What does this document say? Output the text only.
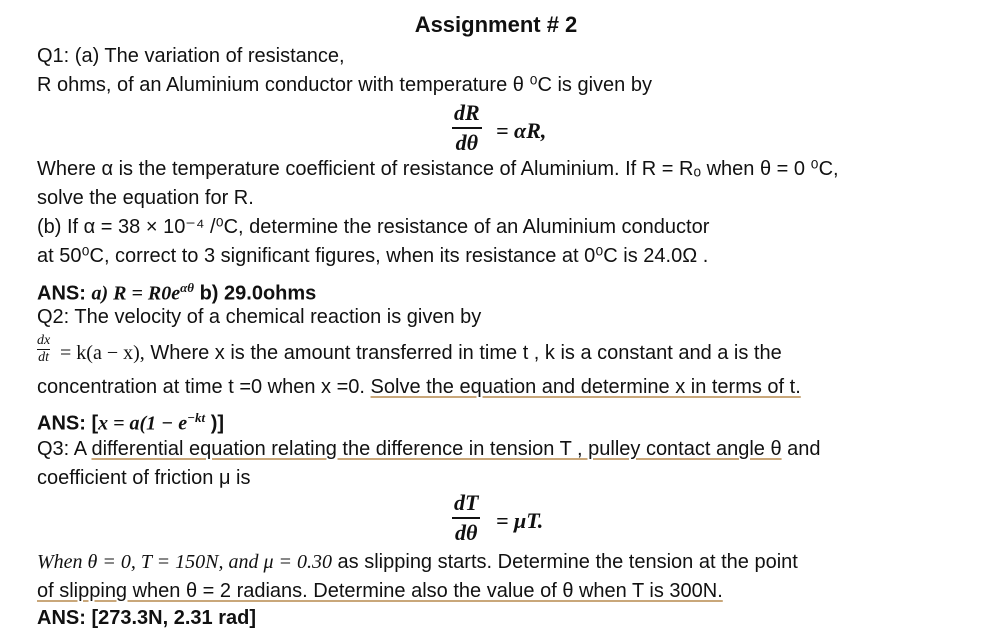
Assignment # 2
Q1: (a) The variation of resistance,
R ohms, of an Aluminium conductor with temperature θ ⁰C is given by
dR
dθ = αR,
Where α is the temperature coefficient of resistance of Aluminium. If R = Rₒ when θ = 0 ⁰C,
solve the equation for R.
(b) If α = 38 × 10⁻⁴ /⁰C, determine the resistance of an Aluminium conductor
at 50⁰C, correct to 3 significant figures, when its resistance at 0⁰C is 24.0Ω .
ANS: a) $R = R0e^{\alpha\theta}$ b) 29.0ohms
Q2: The velocity of a chemical reaction is given by
dx
dt = k(a − x), Where x is the amount transferred in time t , k is a constant and a is the
concentration at time t =0 when x =0. Solve the equation and determine x in terms of t.
ANS: [$x = a(1 - e^{-kt}$ )]
Q3: A differential equation relating the difference in tension T , pulley contact angle θ and
coefficient of friction μ is
dT
dθ = μT.
When θ = 0, T = 150N, and μ = 0.30 as slipping starts. Determine the tension at the point
of slipping when θ = 2 radians. Determine also the value of θ when T is 300N.
ANS: [273.3N, 2.31 rad]
